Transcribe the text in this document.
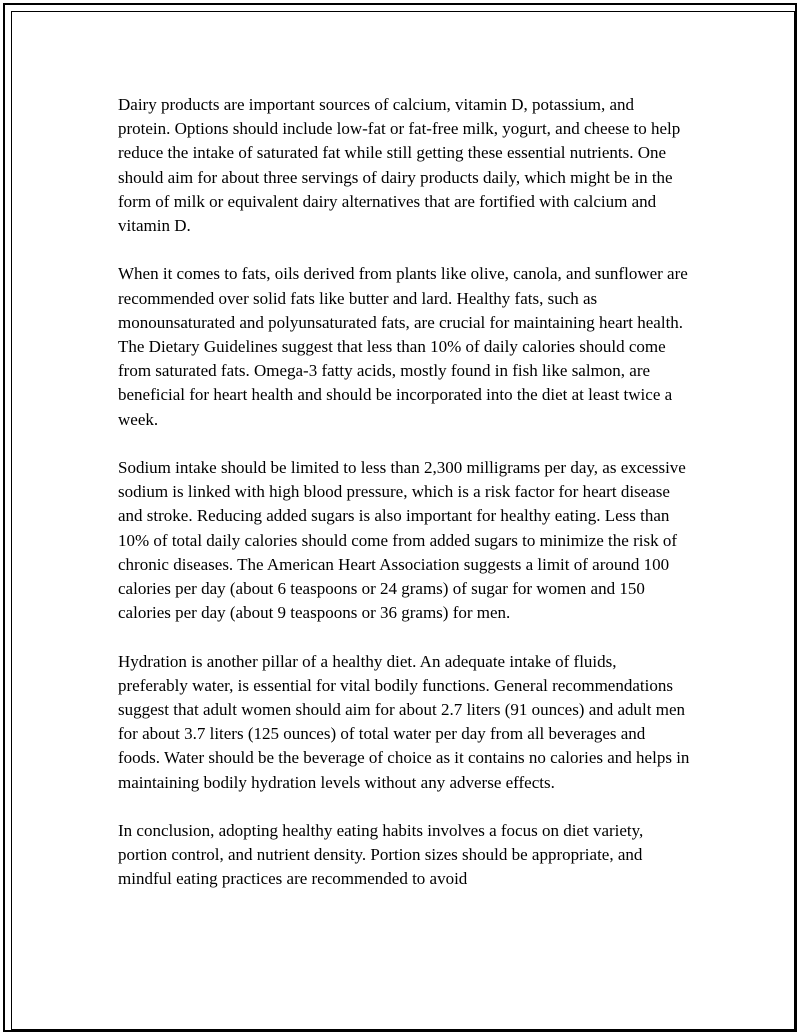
Dairy products are important sources of calcium, vitamin D, potassium, and protein. Options should include low-fat or fat-free milk, yogurt, and cheese to help reduce the intake of saturated fat while still getting these essential nutrients. One should aim for about three servings of dairy products daily, which might be in the form of milk or equivalent dairy alternatives that are fortified with calcium and vitamin D.

When it comes to fats, oils derived from plants like olive, canola, and sunflower are recommended over solid fats like butter and lard. Healthy fats, such as monounsaturated and polyunsaturated fats, are crucial for maintaining heart health. The Dietary Guidelines suggest that less than 10% of daily calories should come from saturated fats. Omega-3 fatty acids, mostly found in fish like salmon, are beneficial for heart health and should be incorporated into the diet at least twice a week.

Sodium intake should be limited to less than 2,300 milligrams per day, as excessive sodium is linked with high blood pressure, which is a risk factor for heart disease and stroke. Reducing added sugars is also important for healthy eating. Less than 10% of total daily calories should come from added sugars to minimize the risk of chronic diseases. The American Heart Association suggests a limit of around 100 calories per day (about 6 teaspoons or 24 grams) of sugar for women and 150 calories per day (about 9 teaspoons or 36 grams) for men.

Hydration is another pillar of a healthy diet. An adequate intake of fluids, preferably water, is essential for vital bodily functions. General recommendations suggest that adult women should aim for about 2.7 liters (91 ounces) and adult men for about 3.7 liters (125 ounces) of total water per day from all beverages and foods. Water should be the beverage of choice as it contains no calories and helps in maintaining bodily hydration levels without any adverse effects.

In conclusion, adopting healthy eating habits involves a focus on diet variety, portion control, and nutrient density. Portion sizes should be appropriate, and mindful eating practices are recommended to avoid
